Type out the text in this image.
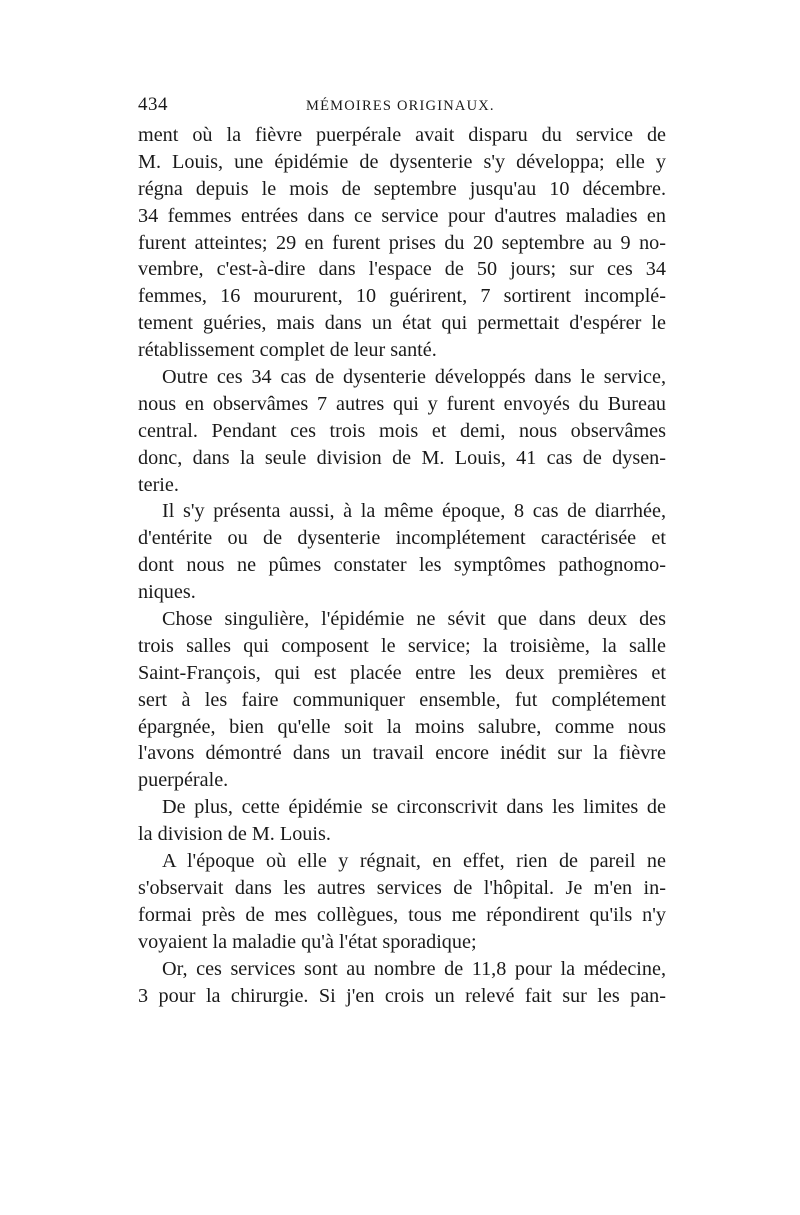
434	MÉMOIRES ORIGINAUX.
ment où la fièvre puerpérale avait disparu du service de
M. Louis, une épidémie de dysenterie s'y développa; elle y
régna depuis le mois de septembre jusqu'au 10 décembre.
34 femmes entrées dans ce service pour d'autres maladies en
furent atteintes; 29 en furent prises du 20 septembre au 9 no-
vembre, c'est-à-dire dans l'espace de 50 jours; sur ces 34
femmes, 16 moururent, 10 guérirent, 7 sortirent incomplé-
tement guéries, mais dans un état qui permettait d'espérer le
rétablissement complet de leur santé.
Outre ces 34 cas de dysenterie développés dans le service,
nous en observâmes 7 autres qui y furent envoyés du Bureau
central. Pendant ces trois mois et demi, nous observâmes
donc, dans la seule division de M. Louis, 41 cas de dysen-
terie.
Il s'y présenta aussi, à la même époque, 8 cas de diarrhée,
d'entérite ou de dysenterie incomplétement caractérisée et
dont nous ne pûmes constater les symptômes pathognomo-
niques.
Chose singulière, l'épidémie ne sévit que dans deux des
trois salles qui composent le service; la troisième, la salle
Saint-François, qui est placée entre les deux premières et
sert à les faire communiquer ensemble, fut complétement
épargnée, bien qu'elle soit la moins salubre, comme nous
l'avons démontré dans un travail encore inédit sur la fièvre
puerpérale.
De plus, cette épidémie se circonscrivit dans les limites de
la division de M. Louis.
A l'époque où elle y régnait, en effet, rien de pareil ne
s'observait dans les autres services de l'hôpital. Je m'en in-
formai près de mes collègues, tous me répondirent qu'ils n'y
voyaient la maladie qu'à l'état sporadique;
Or, ces services sont au nombre de 11,8 pour la médecine,
3 pour la chirurgie. Si j'en crois un relevé fait sur les pan-
